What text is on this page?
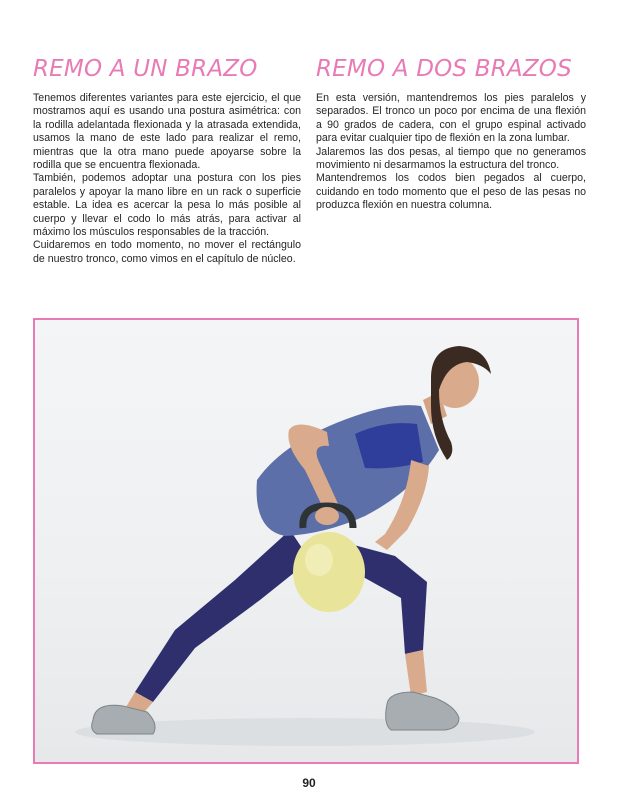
REMO A UN BRAZO

Tenemos diferentes variantes para este ejercicio, el que mostramos aquí es usando una postura asimétrica: con la rodilla adelantada flexionada y la atrasada extendida, usamos la mano de este lado para realizar el remo, mientras que la otra mano puede apoyarse sobre la rodilla que se encuentra flexionada.

También, podemos adoptar una postura con los pies paralelos y apoyar la mano libre en un rack o superficie estable. La idea es acercar la pesa lo más posible al cuerpo y llevar el codo lo más atrás, para activar al máximo los músculos responsables de la tracción.

Cuidaremos en todo momento, no mover el rectángulo de nuestro tronco, como vimos en el capítulo de núcleo.

REMO A DOS BRAZOS

En esta versión, mantendremos los pies paralelos y separados. El tronco un poco por encima de una flexión a 90 grados de cadera, con el grupo espinal activado para evitar cualquier tipo de flexión en la zona lumbar.

Jalaremos las dos pesas, al tiempo que no generamos movimiento ni desarmamos la estructura del tronco.

Mantendremos los codos bien pegados al cuerpo, cuidando en todo momento que el peso de las pesas no produzca flexión en nuestra columna.

90
